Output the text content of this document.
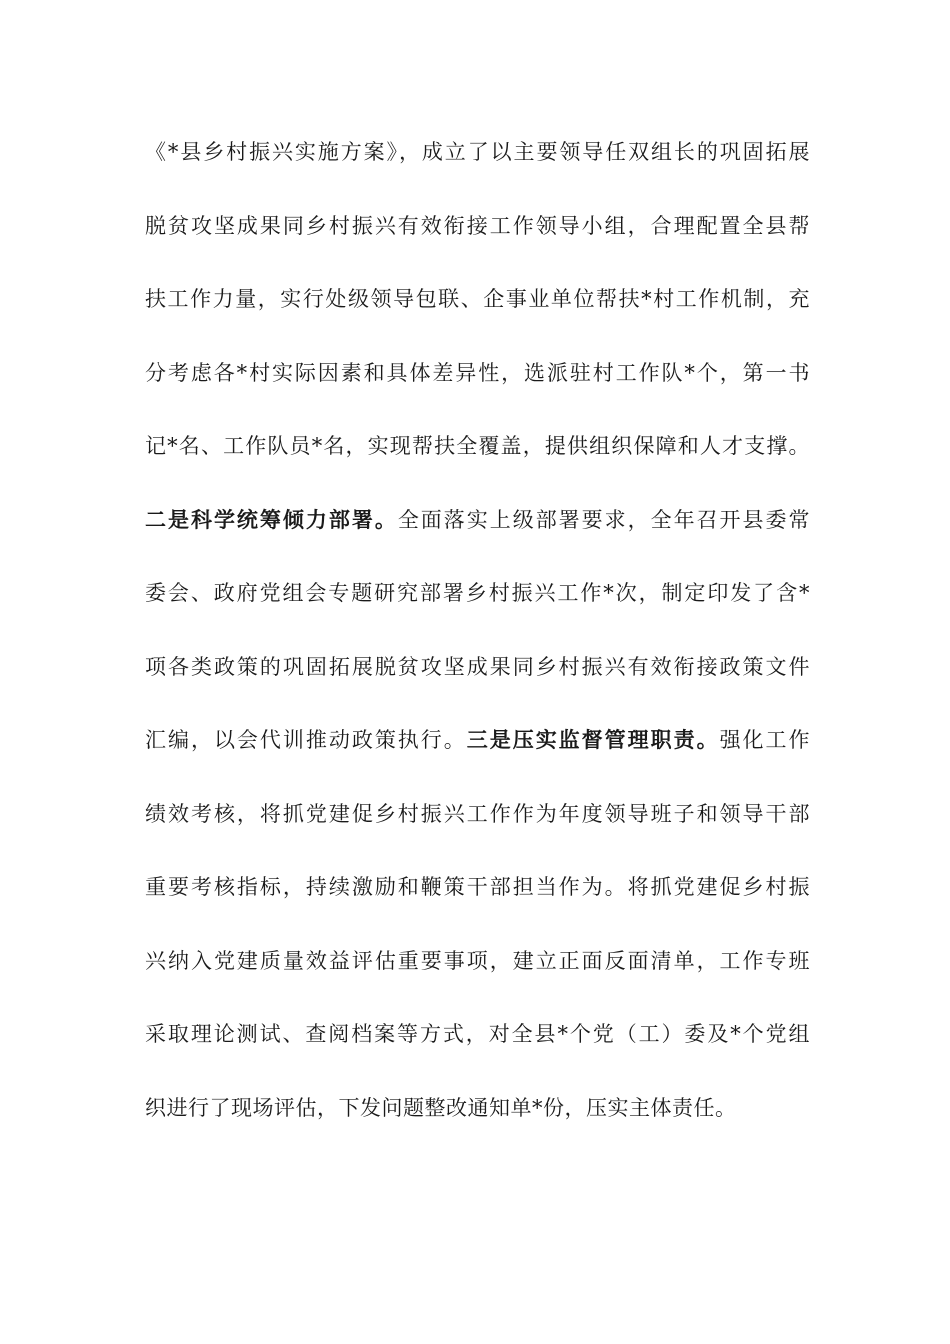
《*县乡村振兴实施方案》，成立了以主要领导任双组长的巩固拓展
脱贫攻坚成果同乡村振兴有效衔接工作领导小组，合理配置全县帮
扶工作力量，实行处级领导包联、企事业单位帮扶*村工作机制，充
分考虑各*村实际因素和具体差异性，选派驻村工作队*个，第一书
记*名、工作队员*名，实现帮扶全覆盖，提供组织保障和人才支撑。
二是科学统筹倾力部署。全面落实上级部署要求，全年召开县委常
委会、政府党组会专题研究部署乡村振兴工作*次，制定印发了含*
项各类政策的巩固拓展脱贫攻坚成果同乡村振兴有效衔接政策文件
汇编，以会代训推动政策执行。三是压实监督管理职责。强化工作
绩效考核，将抓党建促乡村振兴工作作为年度领导班子和领导干部
重要考核指标，持续激励和鞭策干部担当作为。将抓党建促乡村振
兴纳入党建质量效益评估重要事项，建立正面反面清单，工作专班
采取理论测试、查阅档案等方式，对全县*个党（工）委及*个党组
织进行了现场评估，下发问题整改通知单*份，压实主体责任。
